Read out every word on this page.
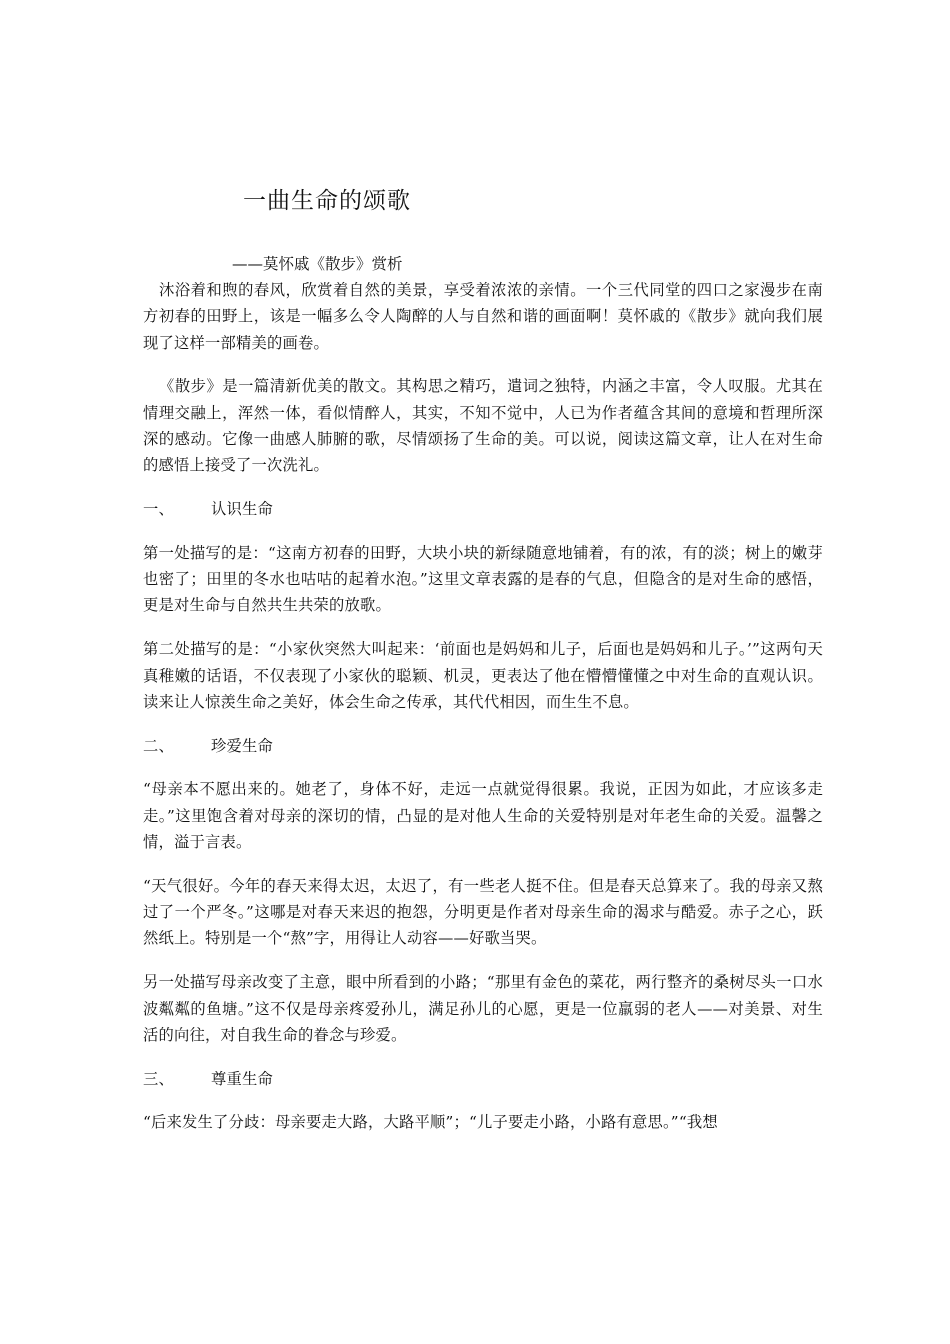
一曲生命的颂歌
——莫怀戚《散步》赏析

沐浴着和煦的春风，欣赏着自然的美景，享受着浓浓的亲情。一个三代同堂的四口之家漫步在南方初春的田野上，该是一幅多么令人陶醉的人与自然和谐的画面啊！莫怀戚的《散步》就向我们展现了这样一部精美的画卷。

《散步》是一篇清新优美的散文。其构思之精巧，遣词之独特，内涵之丰富，令人叹服。尤其在情理交融上，浑然一体，看似情醉人，其实，不知不觉中，人已为作者蕴含其间的意境和哲理所深深的感动。它像一曲感人肺腑的歌，尽情颂扬了生命的美。可以说，阅读这篇文章，让人在对生命的感悟上接受了一次洗礼。

一、 认识生命

第一处描写的是：“这南方初春的田野，大块小块的新绿随意地铺着，有的浓，有的淡；树上的嫩芽也密了；田里的冬水也咕咕的起着水泡。”这里文章表露的是春的气息，但隐含的是对生命的感悟，更是对生命与自然共生共荣的放歌。

第二处描写的是：“小家伙突然大叫起来：‘前面也是妈妈和儿子，后面也是妈妈和儿子。’”这两句天真稚嫩的话语，不仅表现了小家伙的聪颖、机灵，更表达了他在懵懵懂懂之中对生命的直观认识。读来让人惊羡生命之美好，体会生命之传承，其代代相因，而生生不息。

二、 珍爱生命

“母亲本不愿出来的。她老了，身体不好，走远一点就觉得很累。我说，正因为如此，才应该多走走。”这里饱含着对母亲的深切的情，凸显的是对他人生命的关爱特别是对年老生命的关爱。温馨之情，溢于言表。

“天气很好。今年的春天来得太迟，太迟了，有一些老人挺不住。但是春天总算来了。我的母亲又熬过了一个严冬。”这哪是对春天来迟的抱怨，分明更是作者对母亲生命的渴求与酷爱。赤子之心，跃然纸上。特别是一个“熬”字，用得让人动容——好歌当哭。

另一处描写母亲改变了主意，眼中所看到的小路；“那里有金色的菜花，两行整齐的桑树尽头一口水波粼粼的鱼塘。”这不仅是母亲疼爱孙儿，满足孙儿的心愿，更是一位羸弱的老人——对美景、对生活的向往，对自我生命的眷念与珍爱。

三、 尊重生命

“后来发生了分歧：母亲要走大路，大路平顺”；“儿子要走小路，小路有意思。”“我想
